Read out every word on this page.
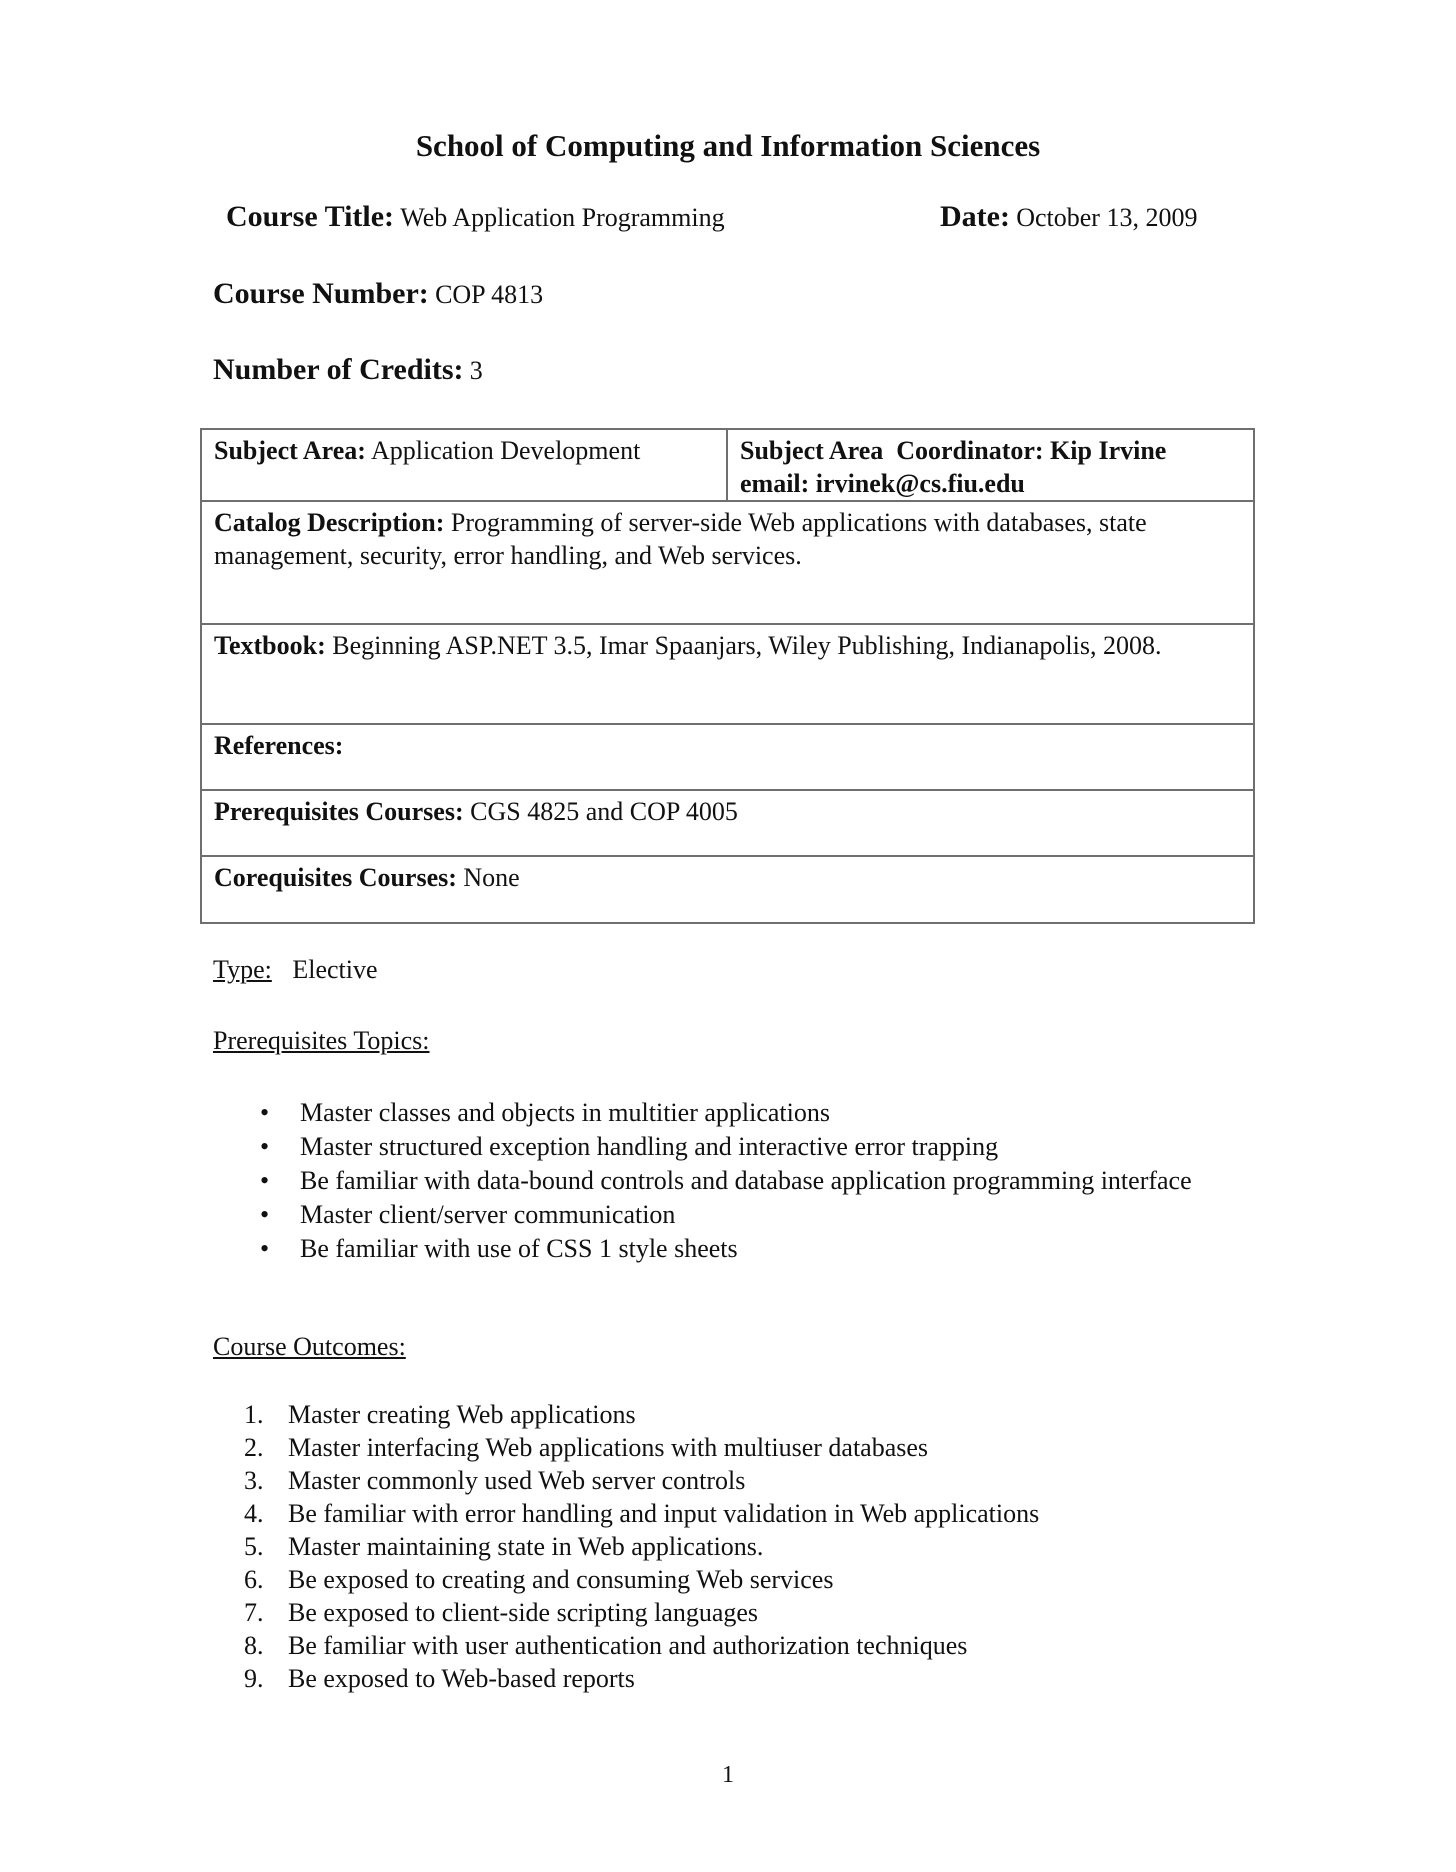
School of Computing and Information Sciences
Course Title: Web Application Programming	Date: October 13, 2009
Course Number: COP 4813
Number of Credits: 3
Subject Area: Application Development	Subject Area  Coordinator: Kip Irvine
email: irvinek@cs.fiu.edu
Catalog Description: Programming of server-side Web applications with databases, state management, security, error handling, and Web services.
Textbook: Beginning ASP.NET 3.5, Imar Spaanjars, Wiley Publishing, Indianapolis, 2008.
References:
Prerequisites Courses: CGS 4825 and COP 4005
Corequisites Courses: None
Type: Elective
Prerequisites Topics:
• Master classes and objects in multitier applications
• Master structured exception handling and interactive error trapping
• Be familiar with data-bound controls and database application programming interface
• Master client/server communication
• Be familiar with use of CSS 1 style sheets
Course Outcomes:
1. Master creating Web applications
2. Master interfacing Web applications with multiuser databases
3. Master commonly used Web server controls
4. Be familiar with error handling and input validation in Web applications
5. Master maintaining state in Web applications.
6. Be exposed to creating and consuming Web services
7. Be exposed to client-side scripting languages
8. Be familiar with user authentication and authorization techniques
9. Be exposed to Web-based reports
1
